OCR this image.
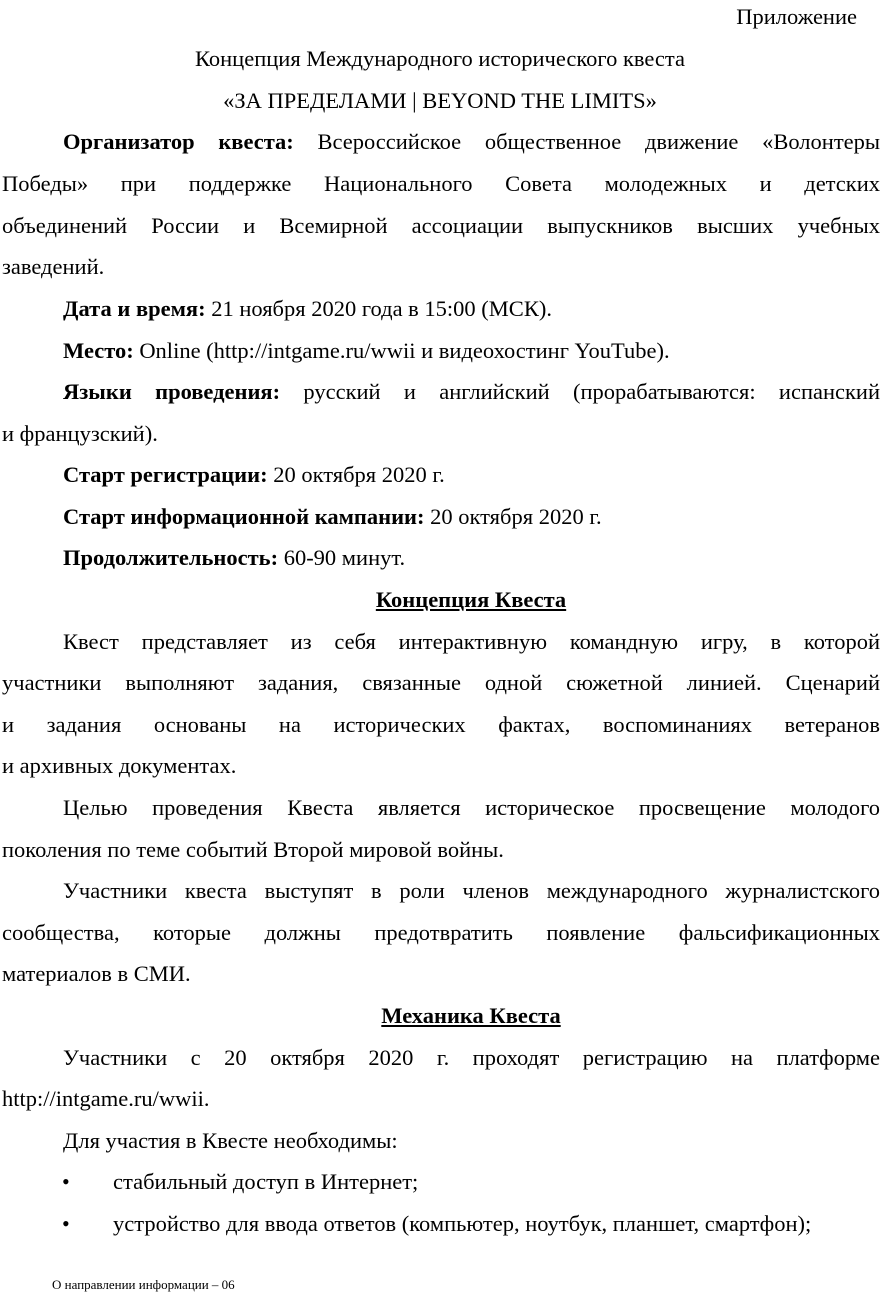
Приложение
Концепция Международного исторического квеста
«ЗА ПРЕДЕЛАМИ | BEYOND THE LIMITS»
Организатор квеста: Всероссийское общественное движение «Волонтеры
Победы» при поддержке Национального Совета молодежных и детских
объединений России и Всемирной ассоциации выпускников высших учебных
заведений.
Дата и время: 21 ноября 2020 года в 15:00 (МСК).
Место: Online (http://intgame.ru/wwii и видеохостинг YouTube).
Языки проведения: русский и английский (прорабатываются: испанский
и французский).
Старт регистрации: 20 октября 2020 г.
Старт информационной кампании: 20 октября 2020 г.
Продолжительность: 60-90 минут.
Концепция Квеста
Квест представляет из себя интерактивную командную игру, в которой
участники выполняют задания, связанные одной сюжетной линией. Сценарий
и задания основаны на исторических фактах, воспоминаниях ветеранов
и архивных документах.
Целью проведения Квеста является историческое просвещение молодого
поколения по теме событий Второй мировой войны.
Участники квеста выступят в роли членов международного журналистского
сообщества, которые должны предотвратить появление фальсификационных
материалов в СМИ.
Механика Квеста
Участники с 20 октября 2020 г. проходят регистрацию на платформе
http://intgame.ru/wwii.
Для участия в Квесте необходимы:
• стабильный доступ в Интернет;
• устройство для ввода ответов (компьютер, ноутбук, планшет, смартфон);
О направлении информации – 06
